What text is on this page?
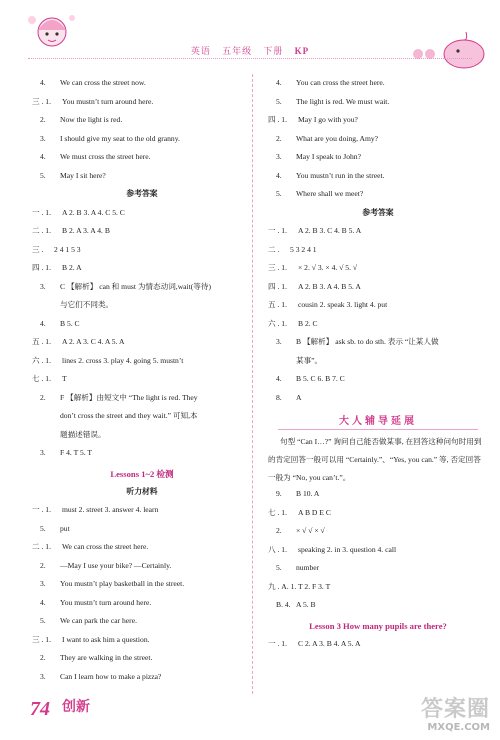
英语 五年级 下册 KP
4. We can cross the street now.
三 . 1. You mustn’t turn around here.
2. Now the light is red.
3. I should give my seat to the old granny.
4. We must cross the street here.
5. May I sit here?
参考答案
一 . 1. A 2. B 3. A 4. C 5. C
二 . 1. B 2. A 3. A 4. B
三 . 2 4 1 5 3
四 . 1. B 2. A
3. C 【解析】 can 和 must 为情态动词,wait(等待)
与它们不同类。
4. B 5. C
五 . 1. A 2. A 3. C 4. A 5. A
六 . 1. lines 2. cross 3. play 4. going 5. mustn’t
七 . 1. T
2. F 【解析】由短文中 “The light is red. They
don’t cross the street and they wait.” 可知,本
题描述错误。
3. F 4. T 5. T
Lessons 1~2 检测
听力材料
一 . 1. must 2. street 3. answer 4. learn
5. put
二 . 1. We can cross the street here.
2. —May I use your bike? —Certainly.
3. You mustn’t play basketball in the street.
4. You mustn’t turn around here.
5. We can park the car here.
三 . 1. I want to ask him a question.
2. They are walking in the street.
3. Can I learn how to make a pizza?
4. You can cross the street here.
5. The light is red. We must wait.
四 . 1. May I go with you?
2. What are you doing, Amy?
3. May I speak to John?
4. You mustn’t run in the street.
5. Where shall we meet?
参考答案
一 . 1. A 2. B 3. C 4. B 5. A
二 . 5 3 2 4 1
三 . 1. × 2. √ 3. × 4. √ 5. √
四 . 1. A 2. B 3. A 4. B 5. A
五 . 1. cousin 2. speak 3. light 4. put
六 . 1. B 2. C
3. B 【解析】 ask sb. to do sth. 表示 “让某人做
某事”。
4. B 5. C 6. B 7. C
8. A
大人辅导延展
句型 “Can I…?” 询问自己能否做某事, 在回答这种问句时用到的肯定回答一般可以用 “Certainly.”、“Yes, you can.” 等, 否定回答一般为 “No, you can’t.”。
9. B 10. A
七 . 1. A B D E C
2. × √ √ × √
八 . 1. speaking 2. in 3. question 4. call
5. number
九 . A. 1. T 2. F 3. T
B. 4. A 5. B
Lesson 3 How many pupils are there?
一 . 1. C 2. A 3. B 4. A 5. A
74 创新	答案圈
MXQE.COM
